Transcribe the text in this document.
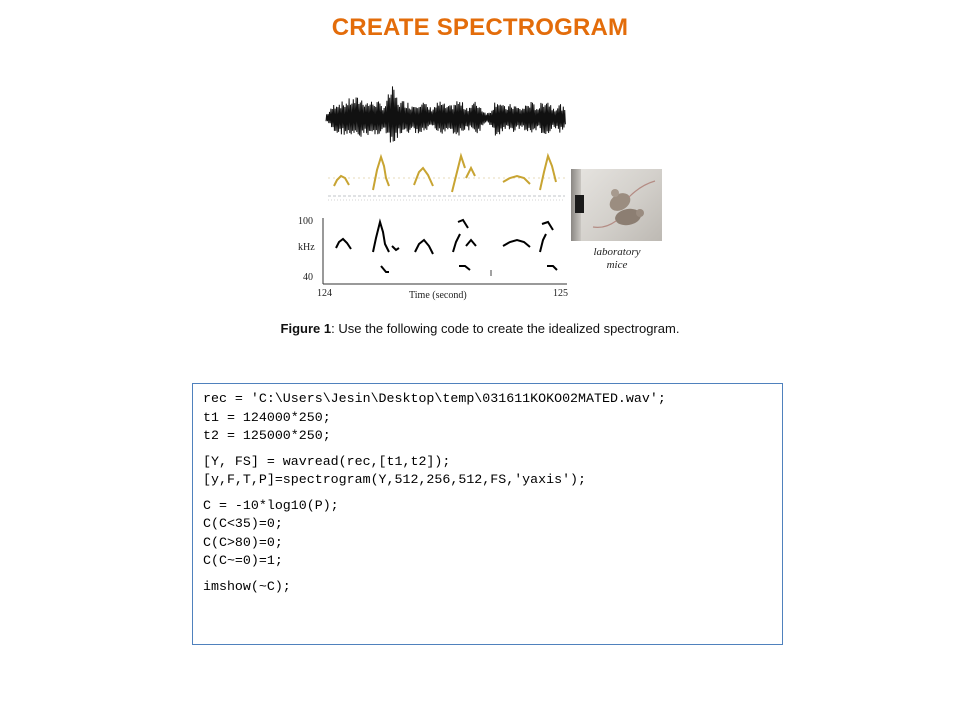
CREATE SPECTROGRAM
100
kHz
40
124	125
Time (second)
laboratory
mice
Figure 1: Use the following code to create the idealized spectrogram.
rec = 'C:\Users\Jesin\Desktop\temp\031611KOKO02MATED.wav';
t1 = 124000*250;
t2 = 125000*250;
[Y, FS] = wavread(rec,[t1,t2]);
[y,F,T,P]=spectrogram(Y,512,256,512,FS,'yaxis');
C = -10*log10(P);
C(C<35)=0;
C(C>80)=0;
C(C~=0)=1;
imshow(~C);
